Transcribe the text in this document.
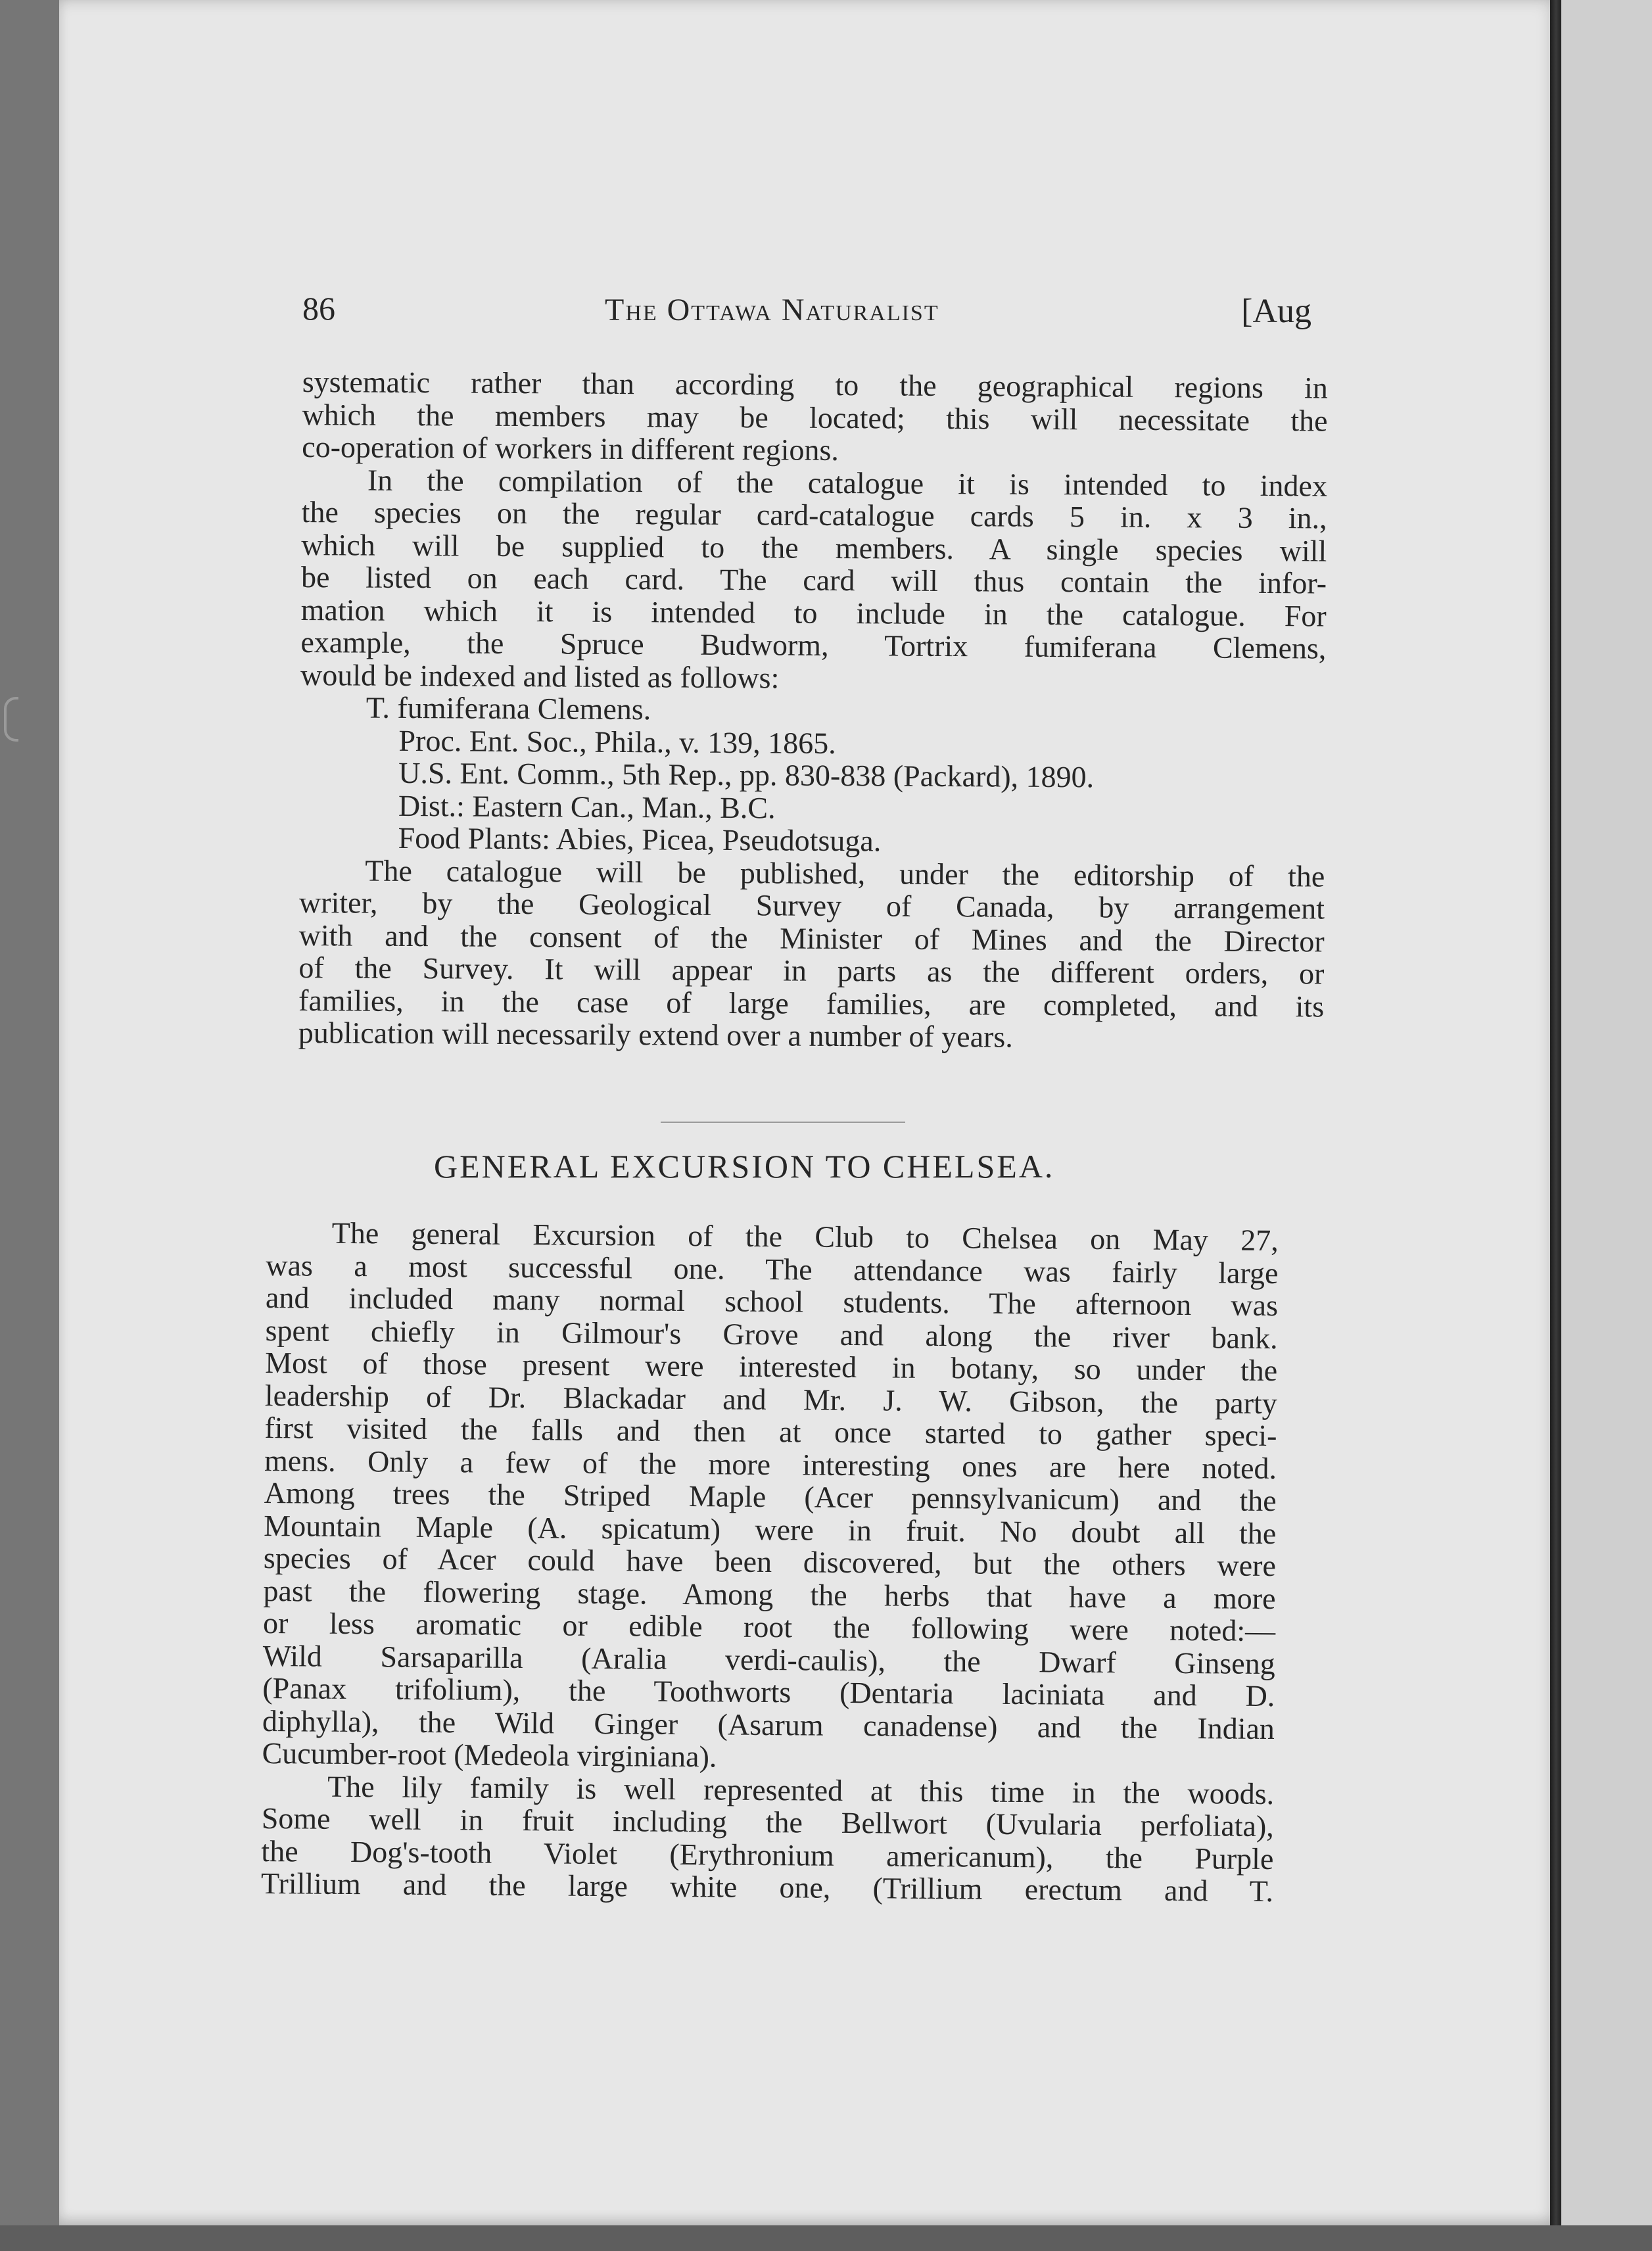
86	The Ottawa Naturalist	[Aug
systematic rather than according to the geographical regions in
which the members may be located; this will necessitate the
co-operation of workers in different regions.
In the compilation of the catalogue it is intended to index
the species on the regular card-catalogue cards 5 in. x 3 in.,
which will be supplied to the members. A single species will
be listed on each card. The card will thus contain the infor-
mation which it is intended to include in the catalogue. For
example, the Spruce Budworm, Tortrix fumiferana Clemens,
would be indexed and listed as follows:
T. fumiferana Clemens.
Proc. Ent. Soc., Phila., v. 139, 1865.
U.S. Ent. Comm., 5th Rep., pp. 830-838 (Packard), 1890.
Dist.: Eastern Can., Man., B.C.
Food Plants: Abies, Picea, Pseudotsuga.
The catalogue will be published, under the editorship of the
writer, by the Geological Survey of Canada, by arrangement
with and the consent of the Minister of Mines and the Director
of the Survey. It will appear in parts as the different orders, or
families, in the case of large families, are completed, and its
publication will necessarily extend over a number of years.
GENERAL EXCURSION TO CHELSEA.
The general Excursion of the Club to Chelsea on May 27,
was a most successful one. The attendance was fairly large
and included many normal school students. The afternoon was
spent chiefly in Gilmour's Grove and along the river bank.
Most of those present were interested in botany, so under the
leadership of Dr. Blackadar and Mr. J. W. Gibson, the party
first visited the falls and then at once started to gather speci-
mens. Only a few of the more interesting ones are here noted.
Among trees the Striped Maple (Acer pennsylvanicum) and the
Mountain Maple (A. spicatum) were in fruit. No doubt all the
species of Acer could have been discovered, but the others were
past the flowering stage. Among the herbs that have a more
or less aromatic or edible root the following were noted:—
Wild Sarsaparilla (Aralia verdi-caulis), the Dwarf Ginseng
(Panax trifolium), the Toothworts (Dentaria laciniata and D.
diphylla), the Wild Ginger (Asarum canadense) and the Indian
Cucumber-root (Medeola virginiana).
The lily family is well represented at this time in the woods.
Some well in fruit including the Bellwort (Uvularia perfoliata),
the Dog's-tooth Violet (Erythronium americanum), the Purple
Trillium and the large white one, (Trillium erectum and T.
